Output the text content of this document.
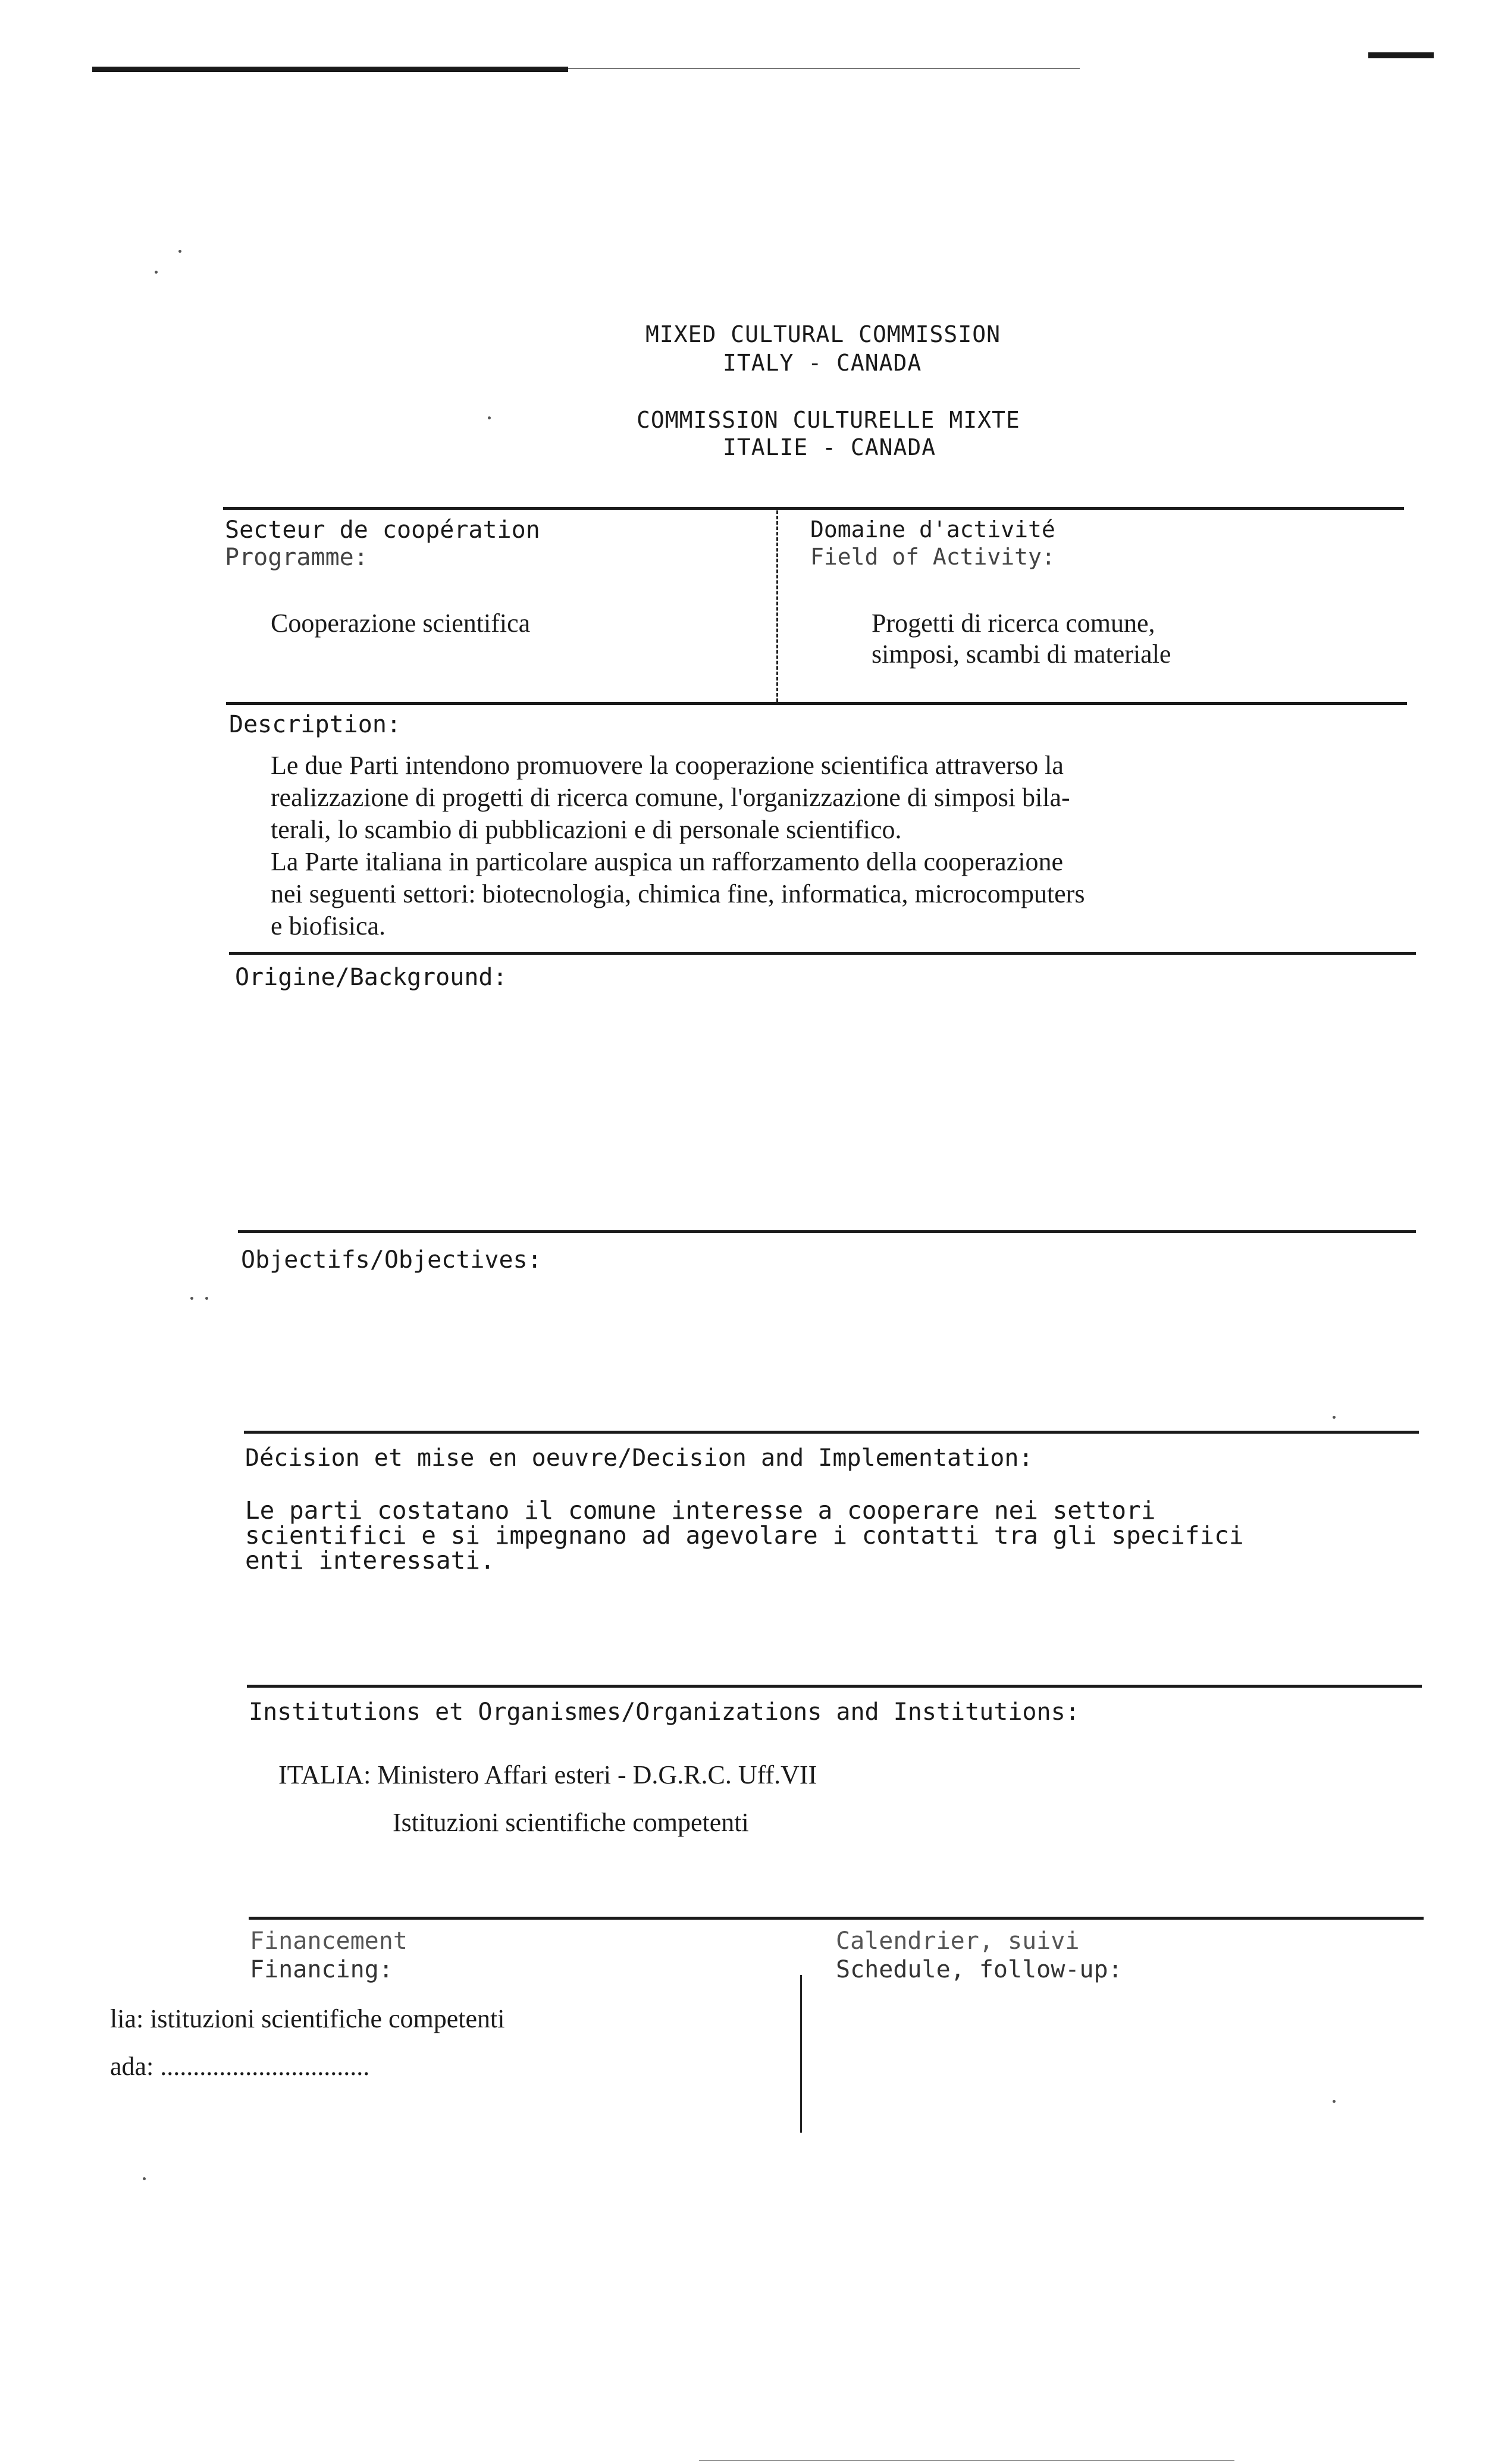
MIXED CULTURAL COMMISSION
ITALY - CANADA
COMMISSION CULTURELLE MIXTE
ITALIE - CANADA
Secteur de coopération
Programme:
Cooperazione scientifica
Domaine d'activité
Field of Activity:
Progetti di ricerca comune,
simposi, scambi di materiale
Description:

Le due Parti intendono promuovere la cooperazione scientifica attraverso la

realizzazione di progetti di ricerca comune, l'organizzazione di simposi bila-

terali, lo scambio di pubblicazioni e di personale scientifico.

La Parte italiana in particolare auspica un rafforzamento della cooperazione

nei seguenti settori: biotecnologia, chimica fine, informatica, microcomputers

e biofisica.

Origine/Background:
Objectifs/Objectives:
Décision et mise en oeuvre/Decision and Implementation:

Le parti costatano il comune interesse a cooperare nei settori

scientifici e si impegnano ad agevolare i contatti tra gli specifici

enti interessati.

Institutions et Organismes/Organizations and Institutions:
ITALIA: Ministero Affari esteri - D.G.R.C. Uff.VII
Istituzioni scientifiche competenti
Financement
Financing:
lia: istituzioni scientifiche competenti
ada: ................................
Calendrier, suivi
Schedule, follow-up:
